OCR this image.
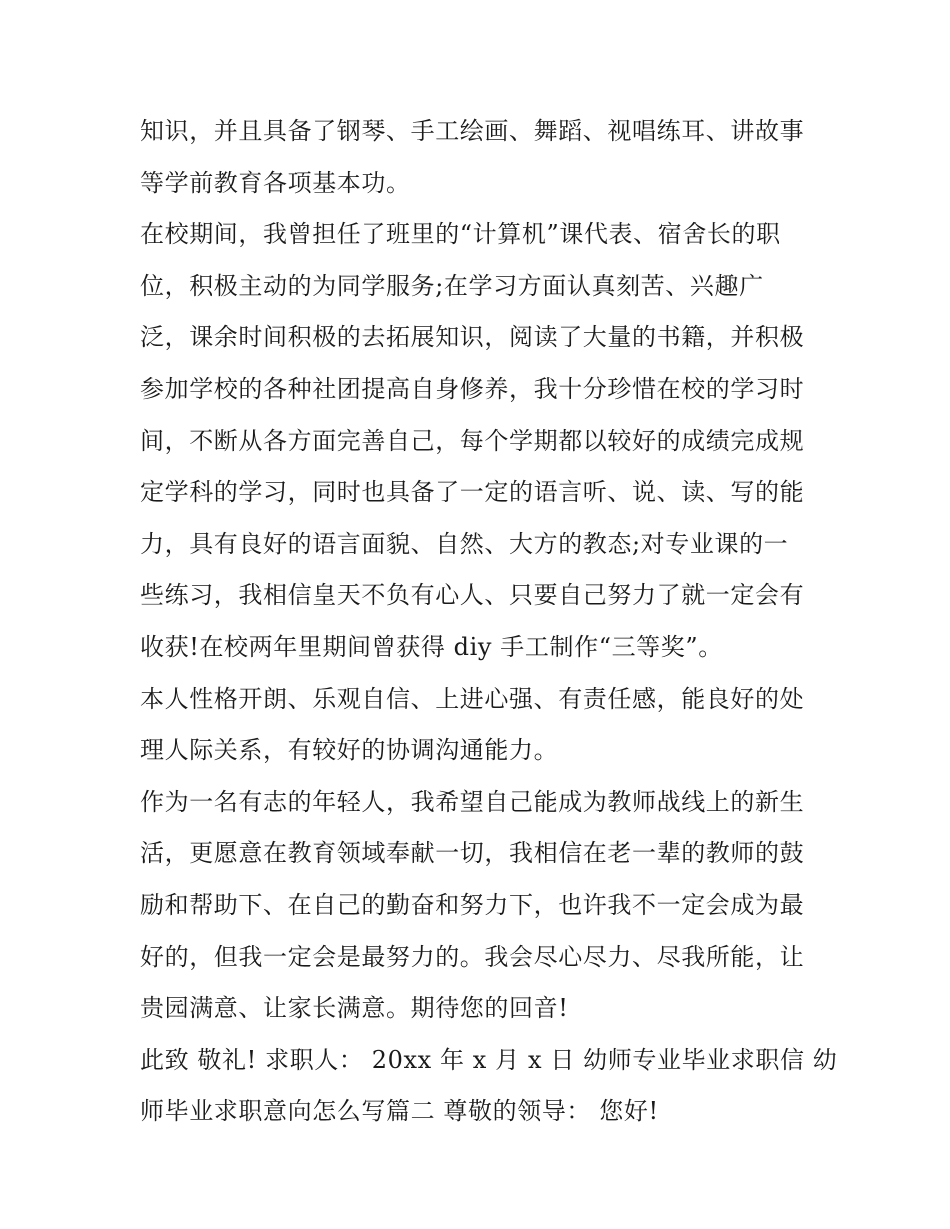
知识，并且具备了钢琴、手工绘画、舞蹈、视唱练耳、讲故事
等学前教育各项基本功。
在校期间，我曾担任了班里的“计算机”课代表、宿舍长的职
位，积极主动的为同学服务;在学习方面认真刻苦、兴趣广
泛，课余时间积极的去拓展知识，阅读了大量的书籍，并积极
参加学校的各种社团提高自身修养，我十分珍惜在校的学习时
间，不断从各方面完善自己，每个学期都以较好的成绩完成规
定学科的学习，同时也具备了一定的语言听、说、读、写的能
力，具有良好的语言面貌、自然、大方的教态;对专业课的一
些练习，我相信皇天不负有心人、只要自己努力了就一定会有
收获!在校两年里期间曾获得 diy 手工制作“三等奖”。
本人性格开朗、乐观自信、上进心强、有责任感，能良好的处
理人际关系，有较好的协调沟通能力。
作为一名有志的年轻人，我希望自己能成为教师战线上的新生
活，更愿意在教育领域奉献一切，我相信在老一辈的教师的鼓
励和帮助下、在自己的勤奋和努力下，也许我不一定会成为最
好的，但我一定会是最努力的。我会尽心尽力、尽我所能，让
贵园满意、让家长满意。期待您的回音!
此致 敬礼! 求职人： 20xx 年 x 月 x 日 幼师专业毕业求职信 幼
师毕业求职意向怎么写篇二 尊敬的领导： 您好!
